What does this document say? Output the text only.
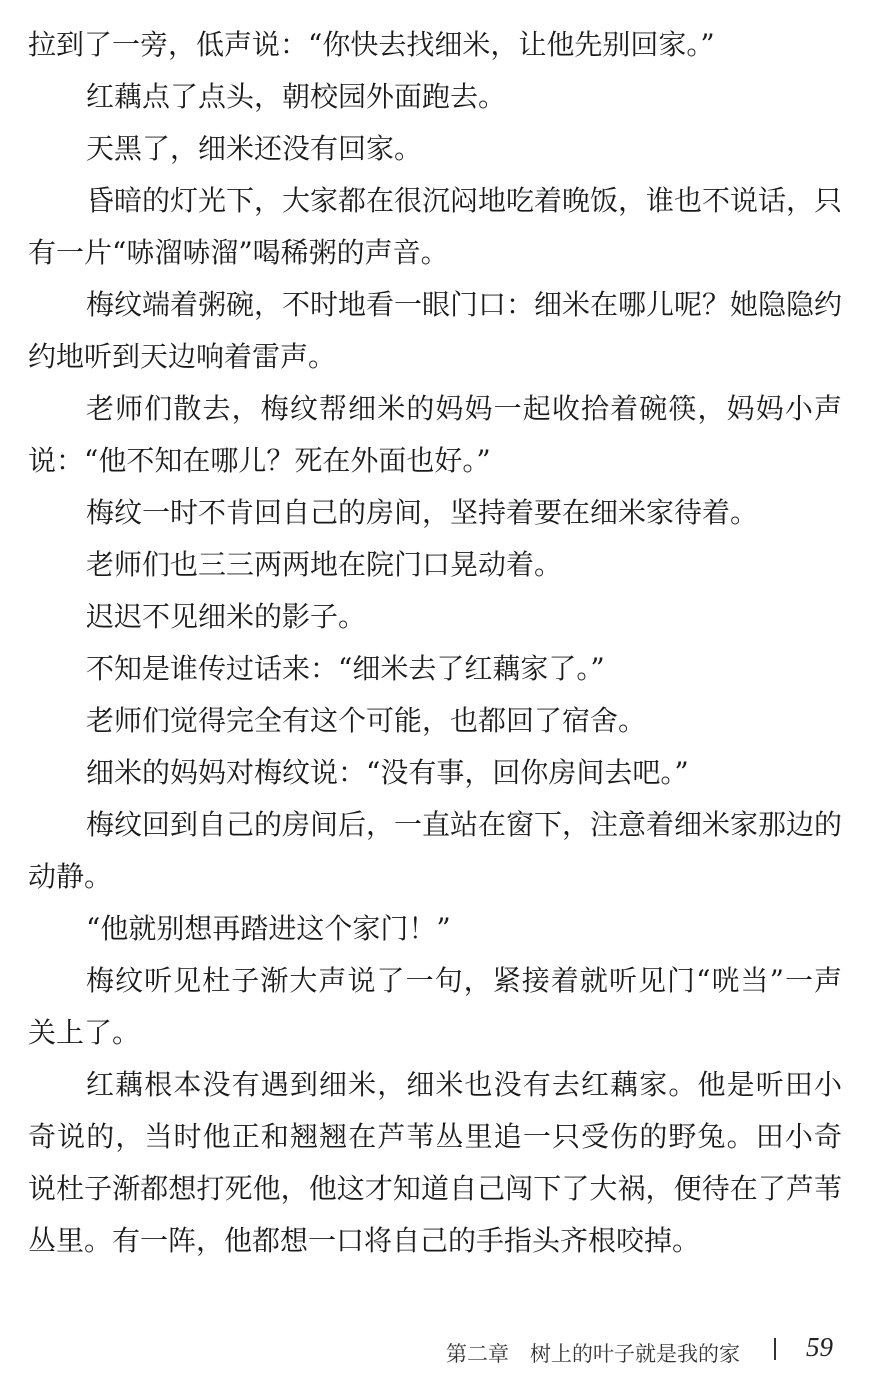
拉到了一旁，低声说：“你快去找细米，让他先别回家。”
红藕点了点头，朝校园外面跑去。
天黑了，细米还没有回家。
昏暗的灯光下，大家都在很沉闷地吃着晚饭，谁也不说话，只
有一片“哧溜哧溜”喝稀粥的声音。
梅纹端着粥碗，不时地看一眼门口：细米在哪儿呢？她隐隐约
约地听到天边响着雷声。
老师们散去，梅纹帮细米的妈妈一起收拾着碗筷，妈妈小声
说：“他不知在哪儿？死在外面也好。”
梅纹一时不肯回自己的房间，坚持着要在细米家待着。
老师们也三三两两地在院门口晃动着。
迟迟不见细米的影子。
不知是谁传过话来：“细米去了红藕家了。”
老师们觉得完全有这个可能，也都回了宿舍。
细米的妈妈对梅纹说：“没有事，回你房间去吧。”
梅纹回到自己的房间后，一直站在窗下，注意着细米家那边的
动静。
“他就别想再踏进这个家门！”
梅纹听见杜子渐大声说了一句，紧接着就听见门“咣当”一声
关上了。
红藕根本没有遇到细米，细米也没有去红藕家。他是听田小
奇说的，当时他正和翘翘在芦苇丛里追一只受伤的野兔。田小奇
说杜子渐都想打死他，他这才知道自己闯下了大祸，便待在了芦苇
丛里。有一阵，他都想一口将自己的手指头齐根咬掉。
第二章　树上的叶子就是我的家 59
